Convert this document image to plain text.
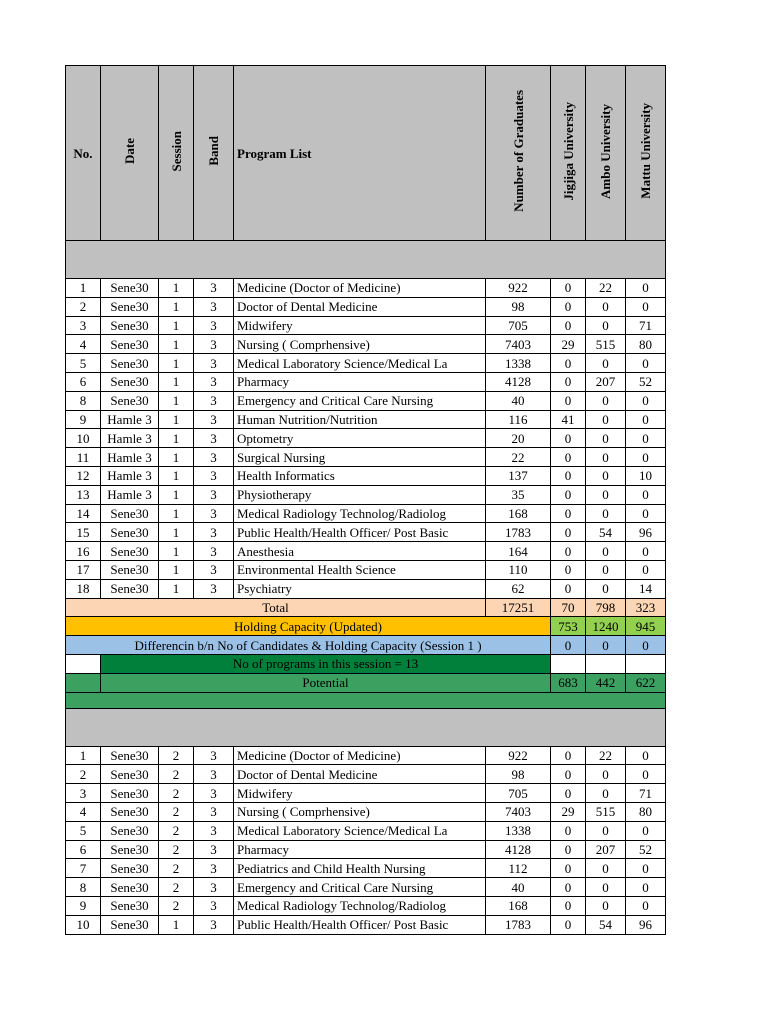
No.	Date	Session	Band	Program List	Number of Graduates	Jigjiga University	Ambo University	Mattu University

1	Sene30	1	3	Medicine (Doctor of Medicine)	922	0	22	0
2	Sene30	1	3	Doctor of Dental Medicine	98	0	0	0
3	Sene30	1	3	Midwifery	705	0	0	71
4	Sene30	1	3	Nursing ( Comprhensive)	7403	29	515	80
5	Sene30	1	3	Medical Laboratory Science/Medical La	1338	0	0	0
6	Sene30	1	3	Pharmacy	4128	0	207	52
8	Sene30	1	3	Emergency and Critical Care Nursing	40	0	0	0
9	Hamle 3	1	3	Human Nutrition/Nutrition	116	41	0	0
10	Hamle 3	1	3	Optometry	20	0	0	0
11	Hamle 3	1	3	Surgical Nursing	22	0	0	0
12	Hamle 3	1	3	Health Informatics	137	0	0	10
13	Hamle 3	1	3	Physiotherapy	35	0	0	0
14	Sene30	1	3	Medical Radiology Technolog/Radiolog	168	0	0	0
15	Sene30	1	3	Public Health/Health Officer/ Post Basic	1783	0	54	96
16	Sene30	1	3	Anesthesia	164	0	0	0
17	Sene30	1	3	Environmental Health Science	110	0	0	0
18	Sene30	1	3	Psychiatry	62	0	0	14
Total					17251	70	798	323
Holding Capacity (Updated)						753	1240	945
Differencin b/n No of Candidates & Holding Capacity (Session 1 )						0	0	0
	No of programs in this session = 13							
	Potential					683	442	622

1	Sene30	2	3	Medicine (Doctor of Medicine)	922	0	22	0
2	Sene30	2	3	Doctor of Dental Medicine	98	0	0	0
3	Sene30	2	3	Midwifery	705	0	0	71
4	Sene30	2	3	Nursing ( Comprhensive)	7403	29	515	80
5	Sene30	2	3	Medical Laboratory Science/Medical La	1338	0	0	0
6	Sene30	2	3	Pharmacy	4128	0	207	52
7	Sene30	2	3	Pediatrics and Child Health Nursing	112	0	0	0
8	Sene30	2	3	Emergency and Critical Care Nursing	40	0	0	0
9	Sene30	2	3	Medical Radiology Technolog/Radiolog	168	0	0	0
10	Sene30	1	3	Public Health/Health Officer/ Post Basic	1783	0	54	96
